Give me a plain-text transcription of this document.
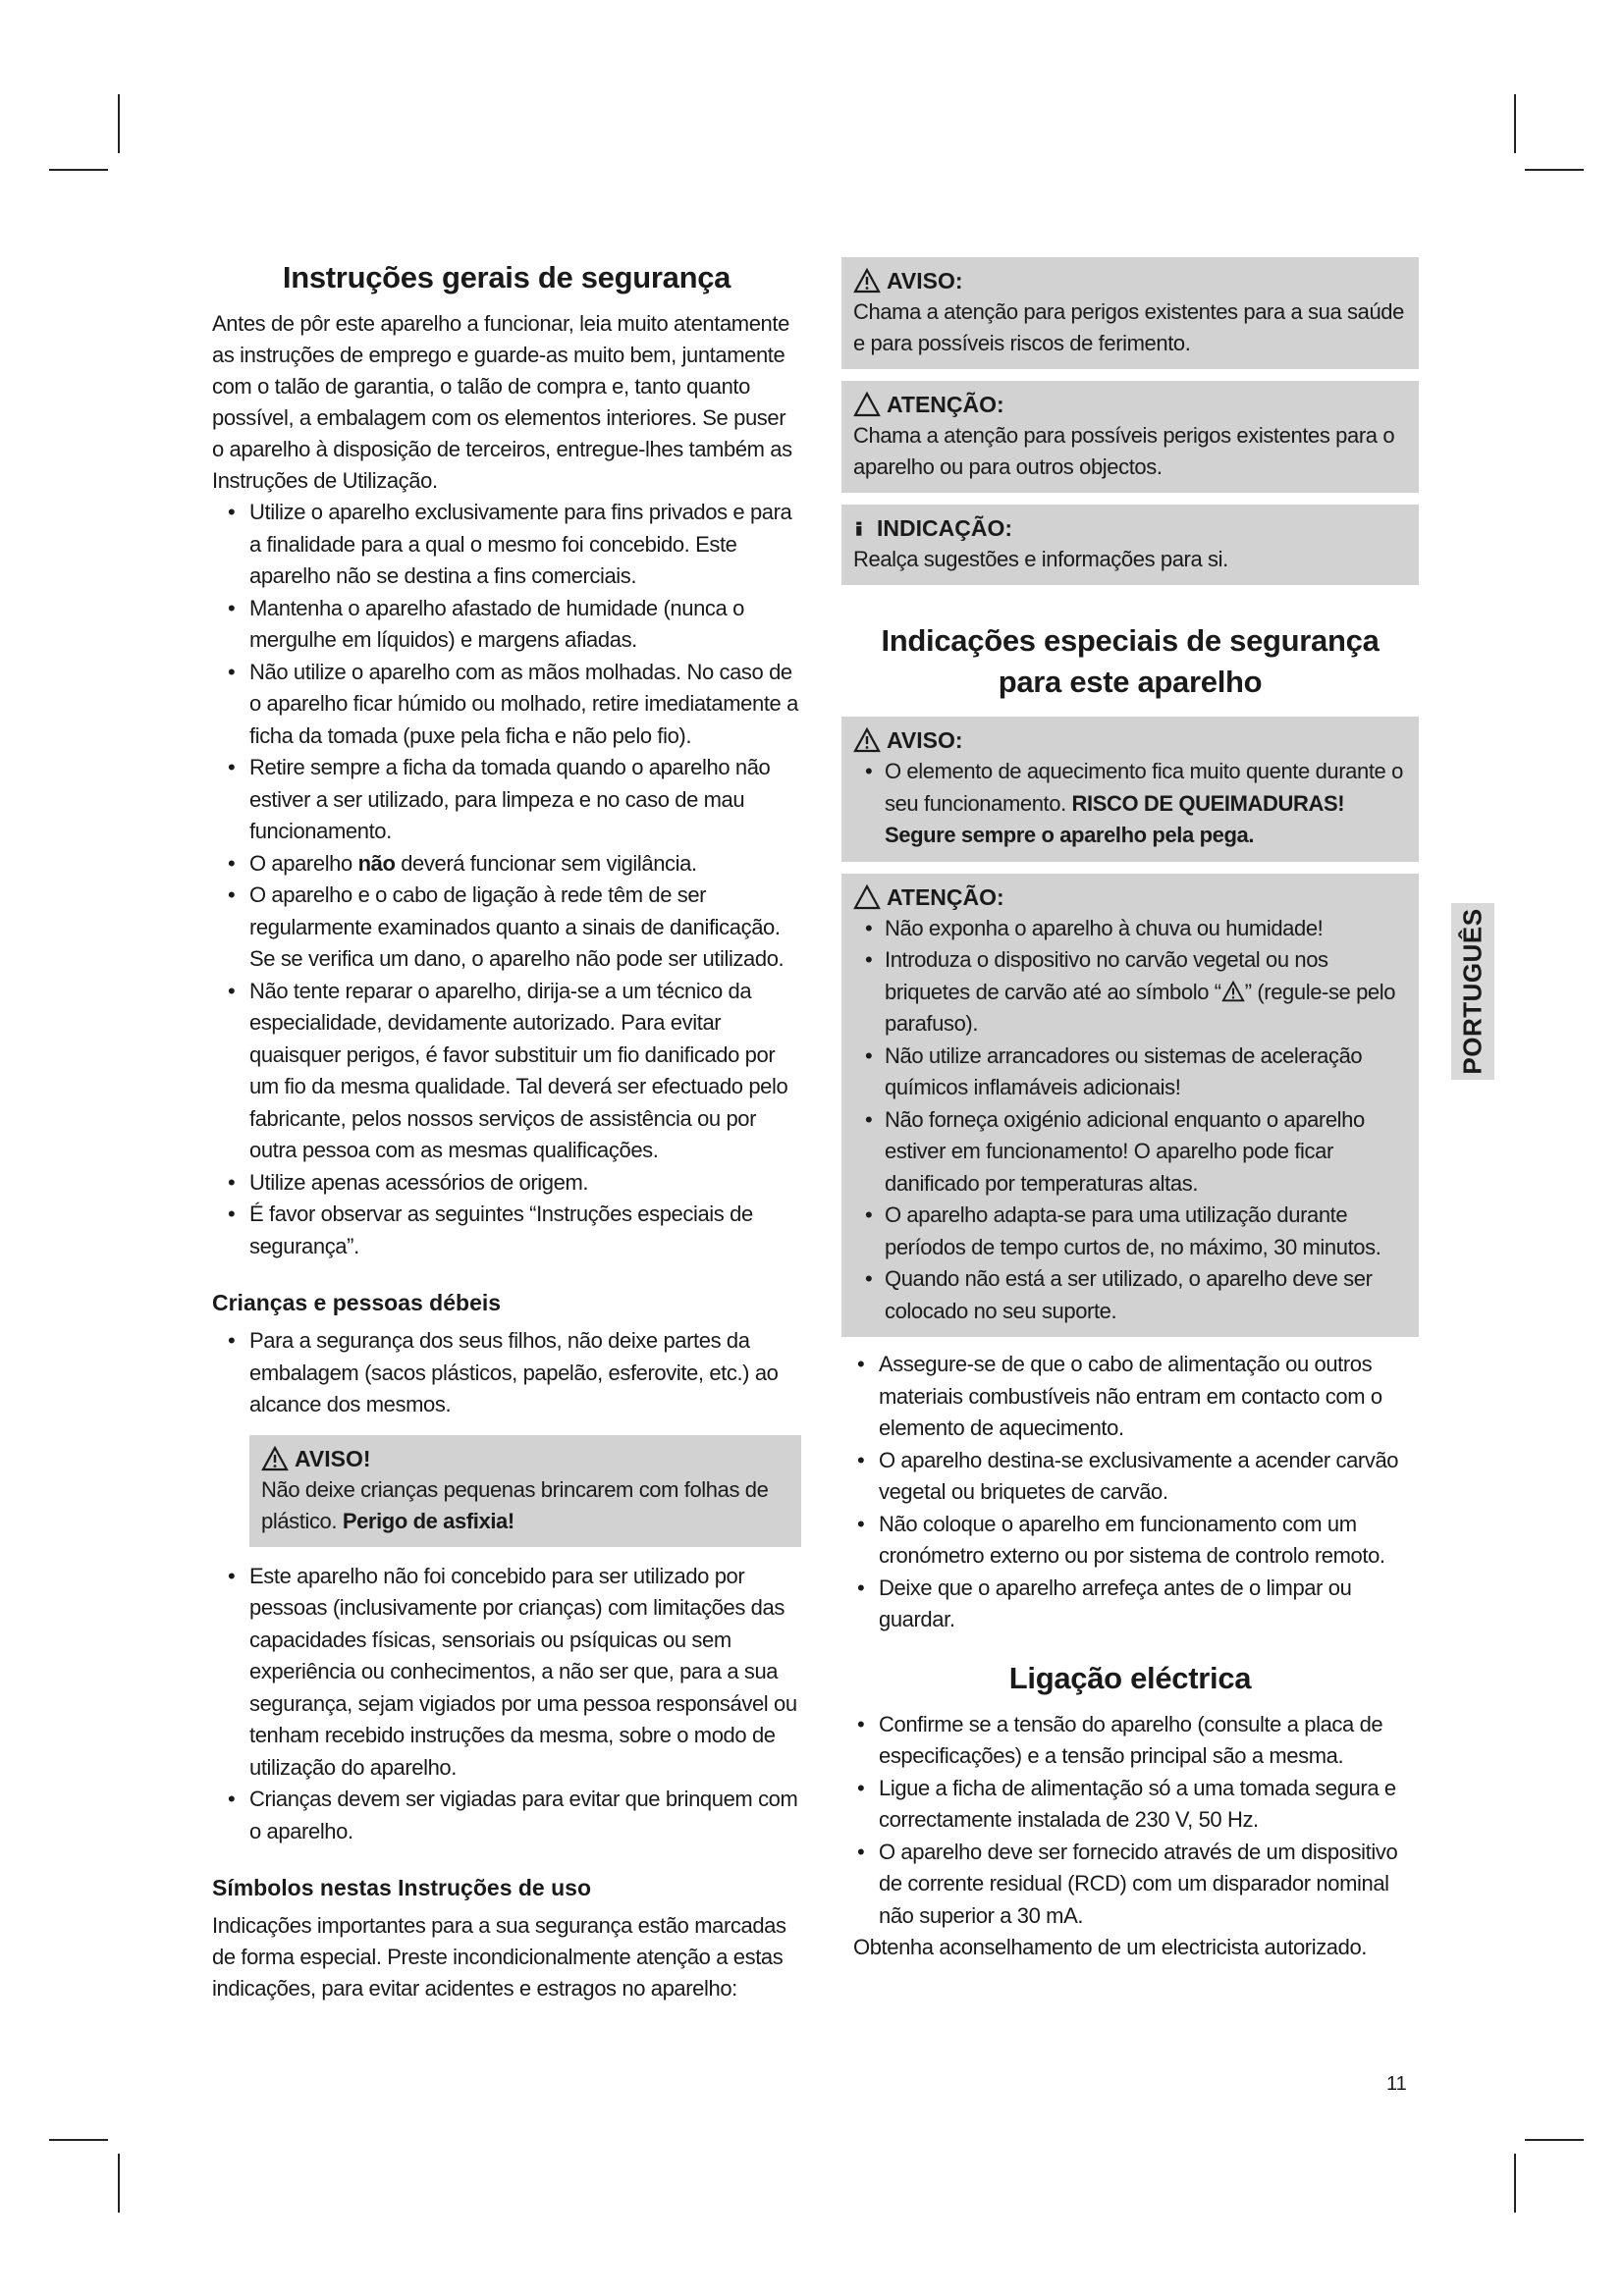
Instruções gerais de segurança

Antes de pôr este aparelho a funcionar, leia muito atentamente as instruções de emprego e guarde-as muito bem, juntamente com o talão de garantia, o talão de compra e, tanto quanto possível, a embalagem com os elementos interiores. Se puser o aparelho à disposição de terceiros, entregue-lhes também as Instruções de Utilização.

• Utilize o aparelho exclusivamente para fins privados e para a finalidade para a qual o mesmo foi concebido. Este aparelho não se destina a fins comerciais.
• Mantenha o aparelho afastado de humidade (nunca o mergulhe em líquidos) e margens afiadas.
• Não utilize o aparelho com as mãos molhadas. No caso de o aparelho ficar húmido ou molhado, retire imediatamente a ficha da tomada (puxe pela ficha e não pelo fio).
• Retire sempre a ficha da tomada quando o aparelho não estiver a ser utilizado, para limpeza e no caso de mau funcionamento.
• O aparelho não deverá funcionar sem vigilância.
• O aparelho e o cabo de ligação à rede têm de ser regularmente examinados quanto a sinais de danificação. Se se verifica um dano, o aparelho não pode ser utilizado.
• Não tente reparar o aparelho, dirija-se a um técnico da especialidade, devidamente autorizado. Para evitar quaisquer perigos, é favor substituir um fio danificado por um fio da mesma qualidade. Tal deverá ser efectuado pelo fabricante, pelos nossos serviços de assistência ou por outra pessoa com as mesmas qualificações.
• Utilize apenas acessórios de origem.
• É favor observar as seguintes “Instruções especiais de segurança”.
Crianças e pessoas débeis
• Para a segurança dos seus filhos, não deixe partes da embalagem (sacos plásticos, papelão, esferovite, etc.) ao alcance dos mesmos.
AVISO!

Não deixe crianças pequenas brincarem com folhas de plástico. Perigo de asfixia!

• Este aparelho não foi concebido para ser utilizado por pessoas (inclusivamente por crianças) com limitações das capacidades físicas, sensoriais ou psíquicas ou sem experiência ou conhecimentos, a não ser que, para a sua segurança, sejam vigiados por uma pessoa responsável ou tenham recebido instruções da mesma, sobre o modo de utilização do aparelho.
• Crianças devem ser vigiadas para evitar que brinquem com o aparelho.
Símbolos nestas Instruções de uso

Indicações importantes para a sua segurança estão marcadas de forma especial. Preste incondicionalmente atenção a estas indicações, para evitar acidentes e estragos no aparelho:

AVISO:

Chama a atenção para perigos existentes para a sua saúde e para possíveis riscos de ferimento.

ATENÇÃO:

Chama a atenção para possíveis perigos existentes para o aparelho ou para outros objectos.

INDICAÇÃO:

Realça sugestões e informações para si.

Indicações especiais de segurança
para este aparelho
AVISO:
• O elemento de aquecimento fica muito quente durante o seu funcionamento. RISCO DE QUEIMADURAS! Segure sempre o aparelho pela pega.
ATENÇÃO:
• Não exponha o aparelho à chuva ou humidade!
• Introduza o dispositivo no carvão vegetal ou nos briquetes de carvão até ao símbolo “ ” (regule-se pelo parafuso).
• Não utilize arrancadores ou sistemas de aceleração químicos inflamáveis adicionais!
• Não forneça oxigénio adicional enquanto o aparelho estiver em funcionamento! O aparelho pode ficar danificado por temperaturas altas.
• O aparelho adapta-se para uma utilização durante períodos de tempo curtos de, no máximo, 30 minutos.
• Quando não está a ser utilizado, o aparelho deve ser colocado no seu suporte.
• Assegure-se de que o cabo de alimentação ou outros materiais combustíveis não entram em contacto com o elemento de aquecimento.
• O aparelho destina-se exclusivamente a acender carvão vegetal ou briquetes de carvão.
• Não coloque o aparelho em funcionamento com um cronómetro externo ou por sistema de controlo remoto.
• Deixe que o aparelho arrefeça antes de o limpar ou guardar.
Ligação eléctrica
• Confirme se a tensão do aparelho (consulte a placa de especificações) e a tensão principal são a mesma.
• Ligue a ficha de alimentação só a uma tomada segura e correctamente instalada de 230 V, 50 Hz.
• O aparelho deve ser fornecido através de um dispositivo de corrente residual (RCD) com um disparador nominal não superior a 30 mA.

Obtenha aconselhamento de um electricista autorizado.

PORTUGUÊS
11
